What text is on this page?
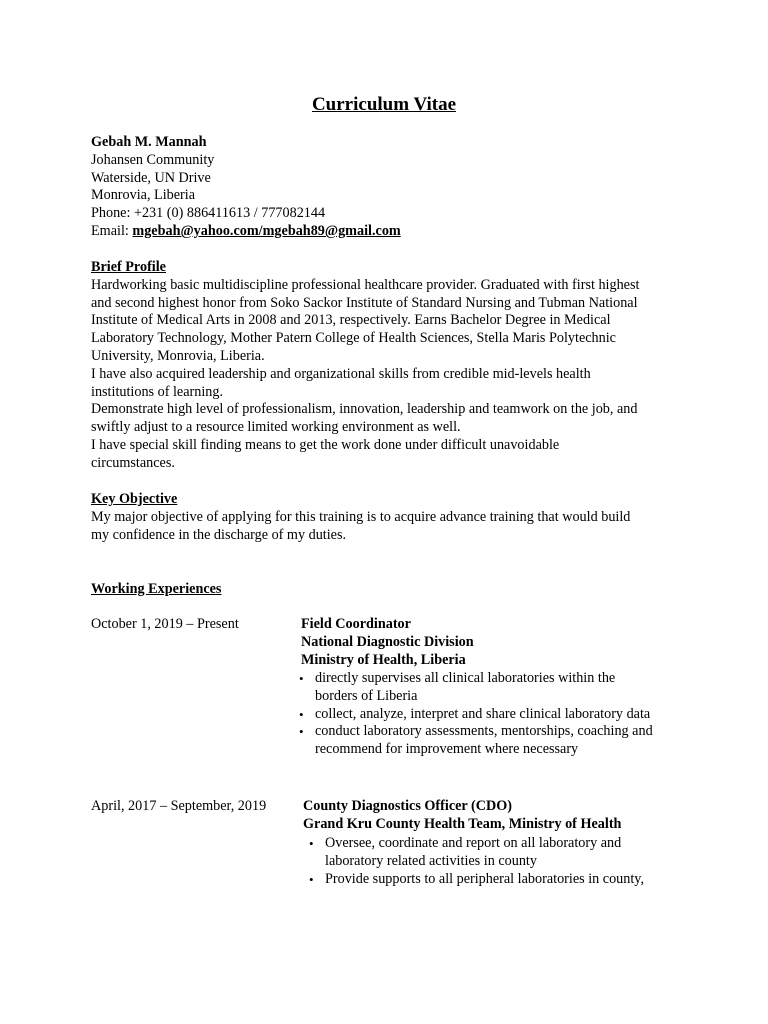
Curriculum Vitae
Gebah M. Mannah
Johansen Community
Waterside, UN Drive
Monrovia, Liberia
Phone: +231 (0) 886411613 / 777082144
Email: mgebah@yahoo.com/mgebah89@gmail.com
Brief Profile
Hardworking basic multidiscipline professional healthcare provider. Graduated with first highest
and second highest honor from Soko Sackor Institute of Standard Nursing and Tubman National
Institute of Medical Arts in 2008 and 2013, respectively. Earns Bachelor Degree in Medical
Laboratory Technology, Mother Patern College of Health Sciences, Stella Maris Polytechnic
University, Monrovia, Liberia.
I have also acquired leadership and organizational skills from credible mid-levels health
institutions of learning.
Demonstrate high level of professionalism, innovation, leadership and teamwork on the job, and
swiftly adjust to a resource limited working environment as well.
I have special skill finding means to get the work done under difficult unavoidable
circumstances.
Key Objective
My major objective of applying for this training is to acquire advance training that would build
my confidence in the discharge of my duties.
Working Experiences
October 1, 2019 – Present	Field Coordinator
National Diagnostic Division
Ministry of Health, Liberia
• directly supervises all clinical laboratories within the
borders of Liberia
• collect, analyze, interpret and share clinical laboratory data
• conduct laboratory assessments, mentorships, coaching and
recommend for improvement where necessary
April, 2017 – September, 2019	County Diagnostics Officer (CDO)
Grand Kru County Health Team, Ministry of Health
• Oversee, coordinate and report on all laboratory and
laboratory related activities in county
• Provide supports to all peripheral laboratories in county,
